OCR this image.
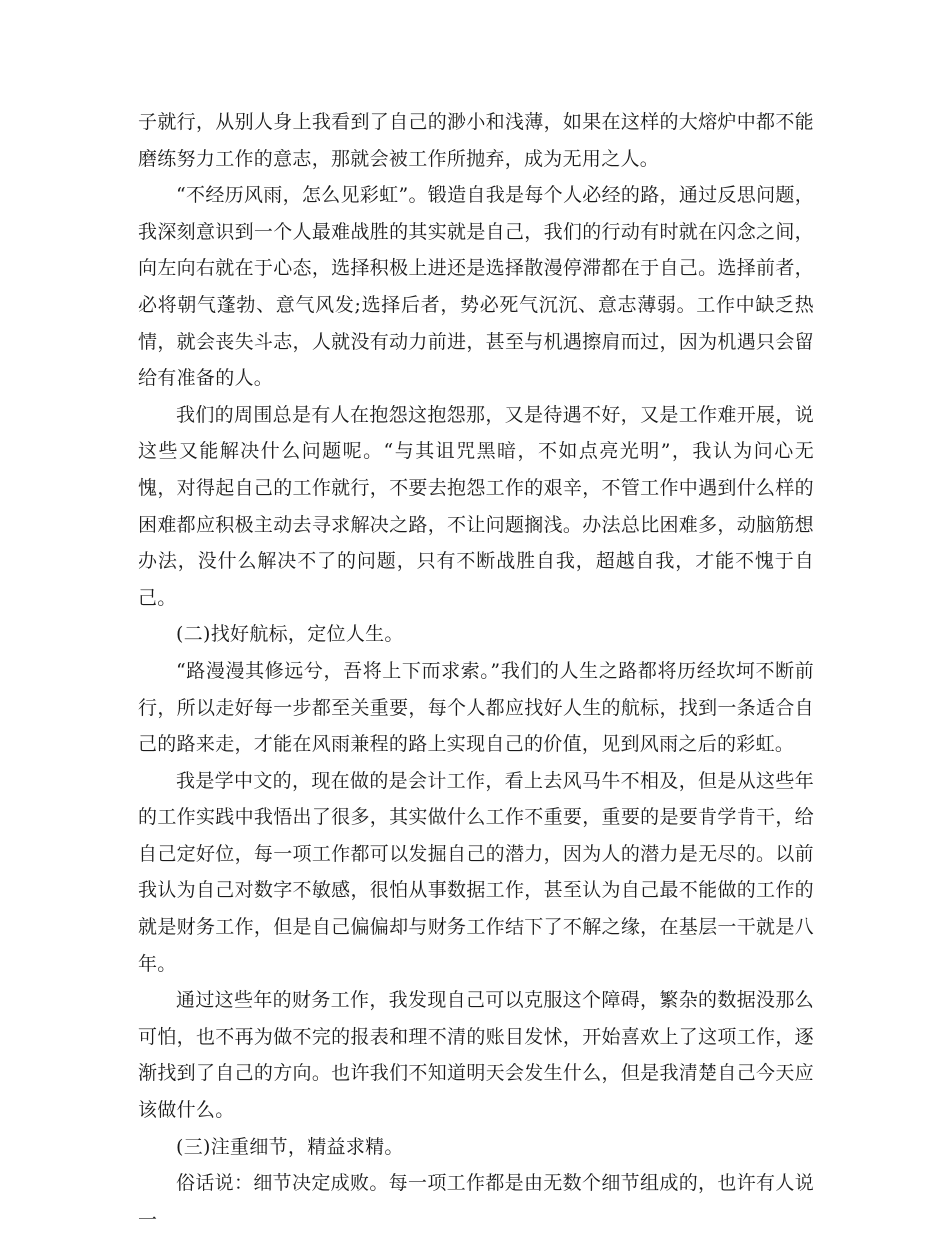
子就行，从别人身上我看到了自己的渺小和浅薄，如果在这样的大熔炉中都不能磨练努力工作的意志，那就会被工作所抛弃，成为无用之人。

“不经历风雨，怎么见彩虹”。锻造自我是每个人必经的路，通过反思问题，我深刻意识到一个人最难战胜的其实就是自己，我们的行动有时就在闪念之间，向左向右就在于心态，选择积极上进还是选择散漫停滞都在于自己。选择前者，必将朝气蓬勃、意气风发;选择后者，势必死气沉沉、意志薄弱。工作中缺乏热情，就会丧失斗志，人就没有动力前进，甚至与机遇擦肩而过，因为机遇只会留给有准备的人。

我们的周围总是有人在抱怨这抱怨那，又是待遇不好，又是工作难开展，说这些又能解决什么问题呢。“与其诅咒黑暗，不如点亮光明”，我认为问心无愧，对得起自己的工作就行，不要去抱怨工作的艰辛，不管工作中遇到什么样的困难都应积极主动去寻求解决之路，不让问题搁浅。办法总比困难多，动脑筋想办法，没什么解决不了的问题，只有不断战胜自我，超越自我，才能不愧于自己。

(二)找好航标，定位人生。

“路漫漫其修远兮，吾将上下而求索。”我们的人生之路都将历经坎坷不断前行，所以走好每一步都至关重要，每个人都应找好人生的航标，找到一条适合自己的路来走，才能在风雨兼程的路上实现自己的价值，见到风雨之后的彩虹。

我是学中文的，现在做的是会计工作，看上去风马牛不相及，但是从这些年的工作实践中我悟出了很多，其实做什么工作不重要，重要的是要肯学肯干，给自己定好位，每一项工作都可以发掘自己的潜力，因为人的潜力是无尽的。以前我认为自己对数字不敏感，很怕从事数据工作，甚至认为自己最不能做的工作的就是财务工作，但是自己偏偏却与财务工作结下了不解之缘，在基层一干就是八年。

通过这些年的财务工作，我发现自己可以克服这个障碍，繁杂的数据没那么可怕，也不再为做不完的报表和理不清的账目发怵，开始喜欢上了这项工作，逐渐找到了自己的方向。也许我们不知道明天会发生什么，但是我清楚自己今天应该做什么。

(三)注重细节，精益求精。

俗话说：细节决定成败。每一项工作都是由无数个细节组成的，也许有人说一
